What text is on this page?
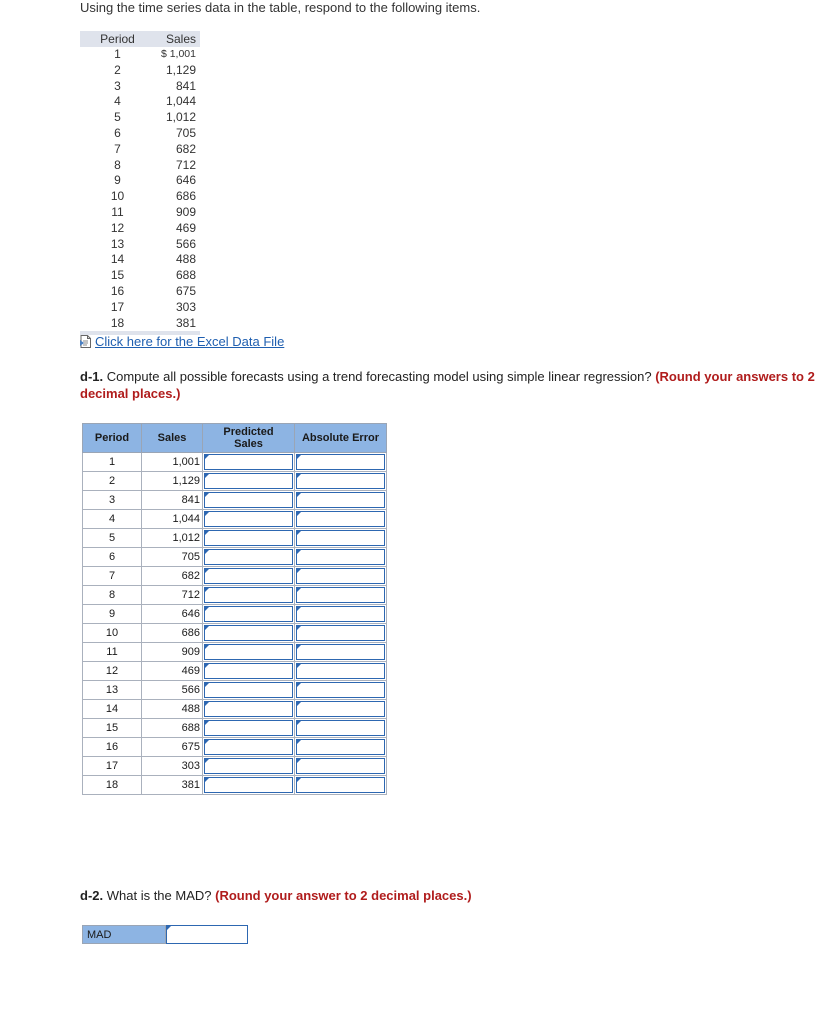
Using the time series data in the table, respond to the following items.
Period	Sales
1	$ 1,001
2	1,129
3	841
4	1,044
5	1,012
6	705
7	682
8	712
9	646
10	686
11	909
12	469
13	566
14	488
15	688
16	675
17	303
18	381

Click here for the Excel Data File
d-1. Compute all possible forecasts using a trend forecasting model using simple linear regression? (Round your answers to 2 decimal places.)
Period	Sales	Predicted Sales	Absolute Error
1	1,001	

2	1,129	

3	841	

4	1,044	

5	1,012	

6	705	

7	682	

8	712	

9	646	

10	686	

11	909	

12	469	

13	566	

14	488	

15	688	

16	675	

17	303	

18	381	

d-2. What is the MAD? (Round your answer to 2 decimal places.)
MAD
